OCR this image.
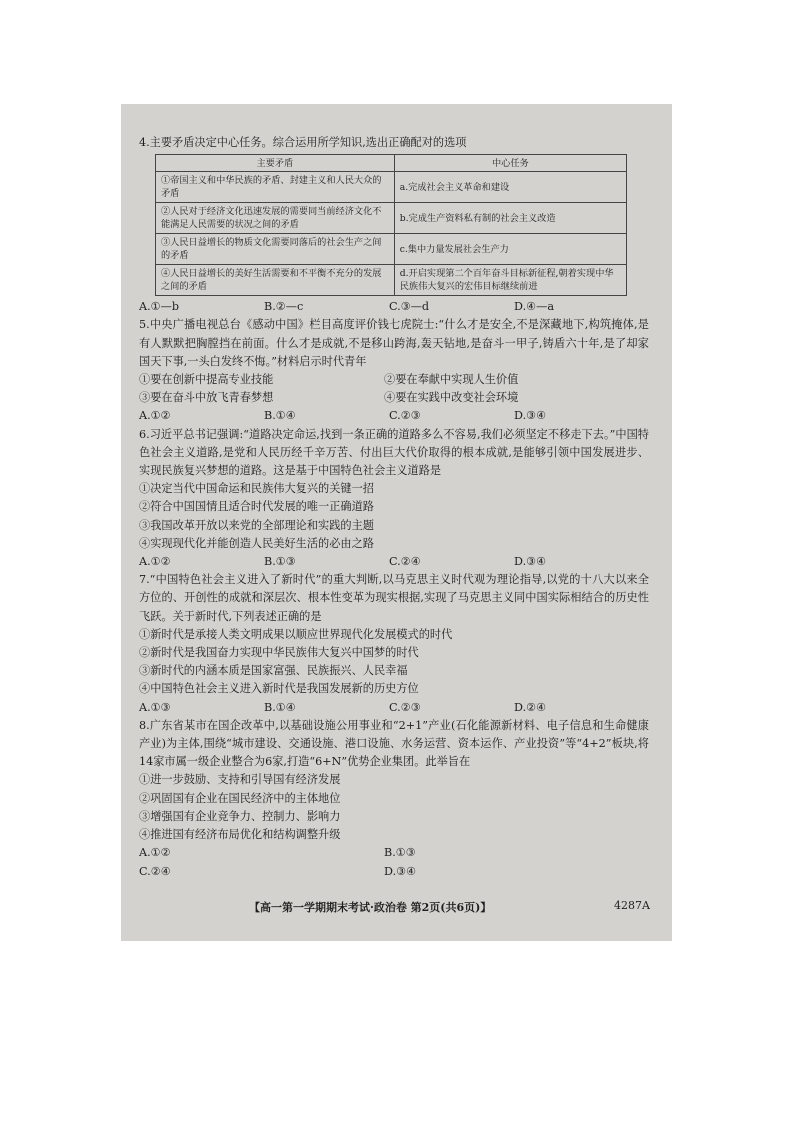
4.主要矛盾决定中心任务。综合运用所学知识,选出正确配对的选项

主要矛盾	中心任务
①帝国主义和中华民族的矛盾、封建主义和人民大众的矛盾	a.完成社会主义革命和建设
②人民对于经济文化迅速发展的需要同当前经济文化不能满足人民需要的状况之间的矛盾	b.完成生产资料私有制的社会主义改造
③人民日益增长的物质文化需要同落后的社会生产之间的矛盾	c.集中力量发展社会生产力
④人民日益增长的美好生活需要和不平衡不充分的发展之间的矛盾	d.开启实现第二个百年奋斗目标新征程,朝着实现中华民族伟大复兴的宏伟目标继续前进
A.①—b	B.②—c	C.③—d	D.④—a

5.中央广播电视总台《感动中国》栏目高度评价钱七虎院士:“什么才是安全,不是深藏地下,构筑掩体,是有人默默把胸膛挡在前面。什么才是成就,不是移山跨海,轰天钻地,是奋斗一甲子,铸盾六十年,是了却家国天下事,一头白发终不悔。”材料启示时代青年

①要在创新中提高专业技能	②要在奉献中实现人生价值
③要在奋斗中放飞青春梦想	④要在实践中改变社会环境
A.①②	B.①④	C.②③	D.③④

6.习近平总书记强调:“道路决定命运,找到一条正确的道路多么不容易,我们必须坚定不移走下去。”中国特色社会主义道路,是党和人民历经千辛万苦、付出巨大代价取得的根本成就,是能够引领中国发展进步、实现民族复兴梦想的道路。这是基于中国特色社会主义道路是

①决定当代中国命运和民族伟大复兴的关键一招
②符合中国国情且适合时代发展的唯一正确道路
③我国改革开放以来党的全部理论和实践的主题
④实现现代化并能创造人民美好生活的必由之路
A.①②	B.①③	C.②④	D.③④

7.“中国特色社会主义进入了新时代”的重大判断,以马克思主义时代观为理论指导,以党的十八大以来全方位的、开创性的成就和深层次、根本性变革为现实根据,实现了马克思主义同中国实际相结合的历史性飞跃。关于新时代,下列表述正确的是

①新时代是承接人类文明成果以顺应世界现代化发展模式的时代
②新时代是我国奋力实现中华民族伟大复兴中国梦的时代
③新时代的内涵本质是国家富强、民族振兴、人民幸福
④中国特色社会主义进入新时代是我国发展新的历史方位
A.①③	B.①④	C.②③	D.②④

8.广东省某市在国企改革中,以基础设施公用事业和“2+1”产业(石化能源新材料、电子信息和生命健康产业)为主体,围绕“城市建设、交通设施、港口设施、水务运营、资本运作、产业投资”等“4+2”板块,将14家市属一级企业整合为6家,打造“6+N”优势企业集团。此举旨在

①进一步鼓励、支持和引导国有经济发展
②巩固国有企业在国民经济中的主体地位
③增强国有企业竞争力、控制力、影响力
④推进国有经济布局优化和结构调整升级
A.①②	B.①③
C.②④	D.③④
【高一第一学期期末考试·政治卷 第2页(共6页)】	4287A
